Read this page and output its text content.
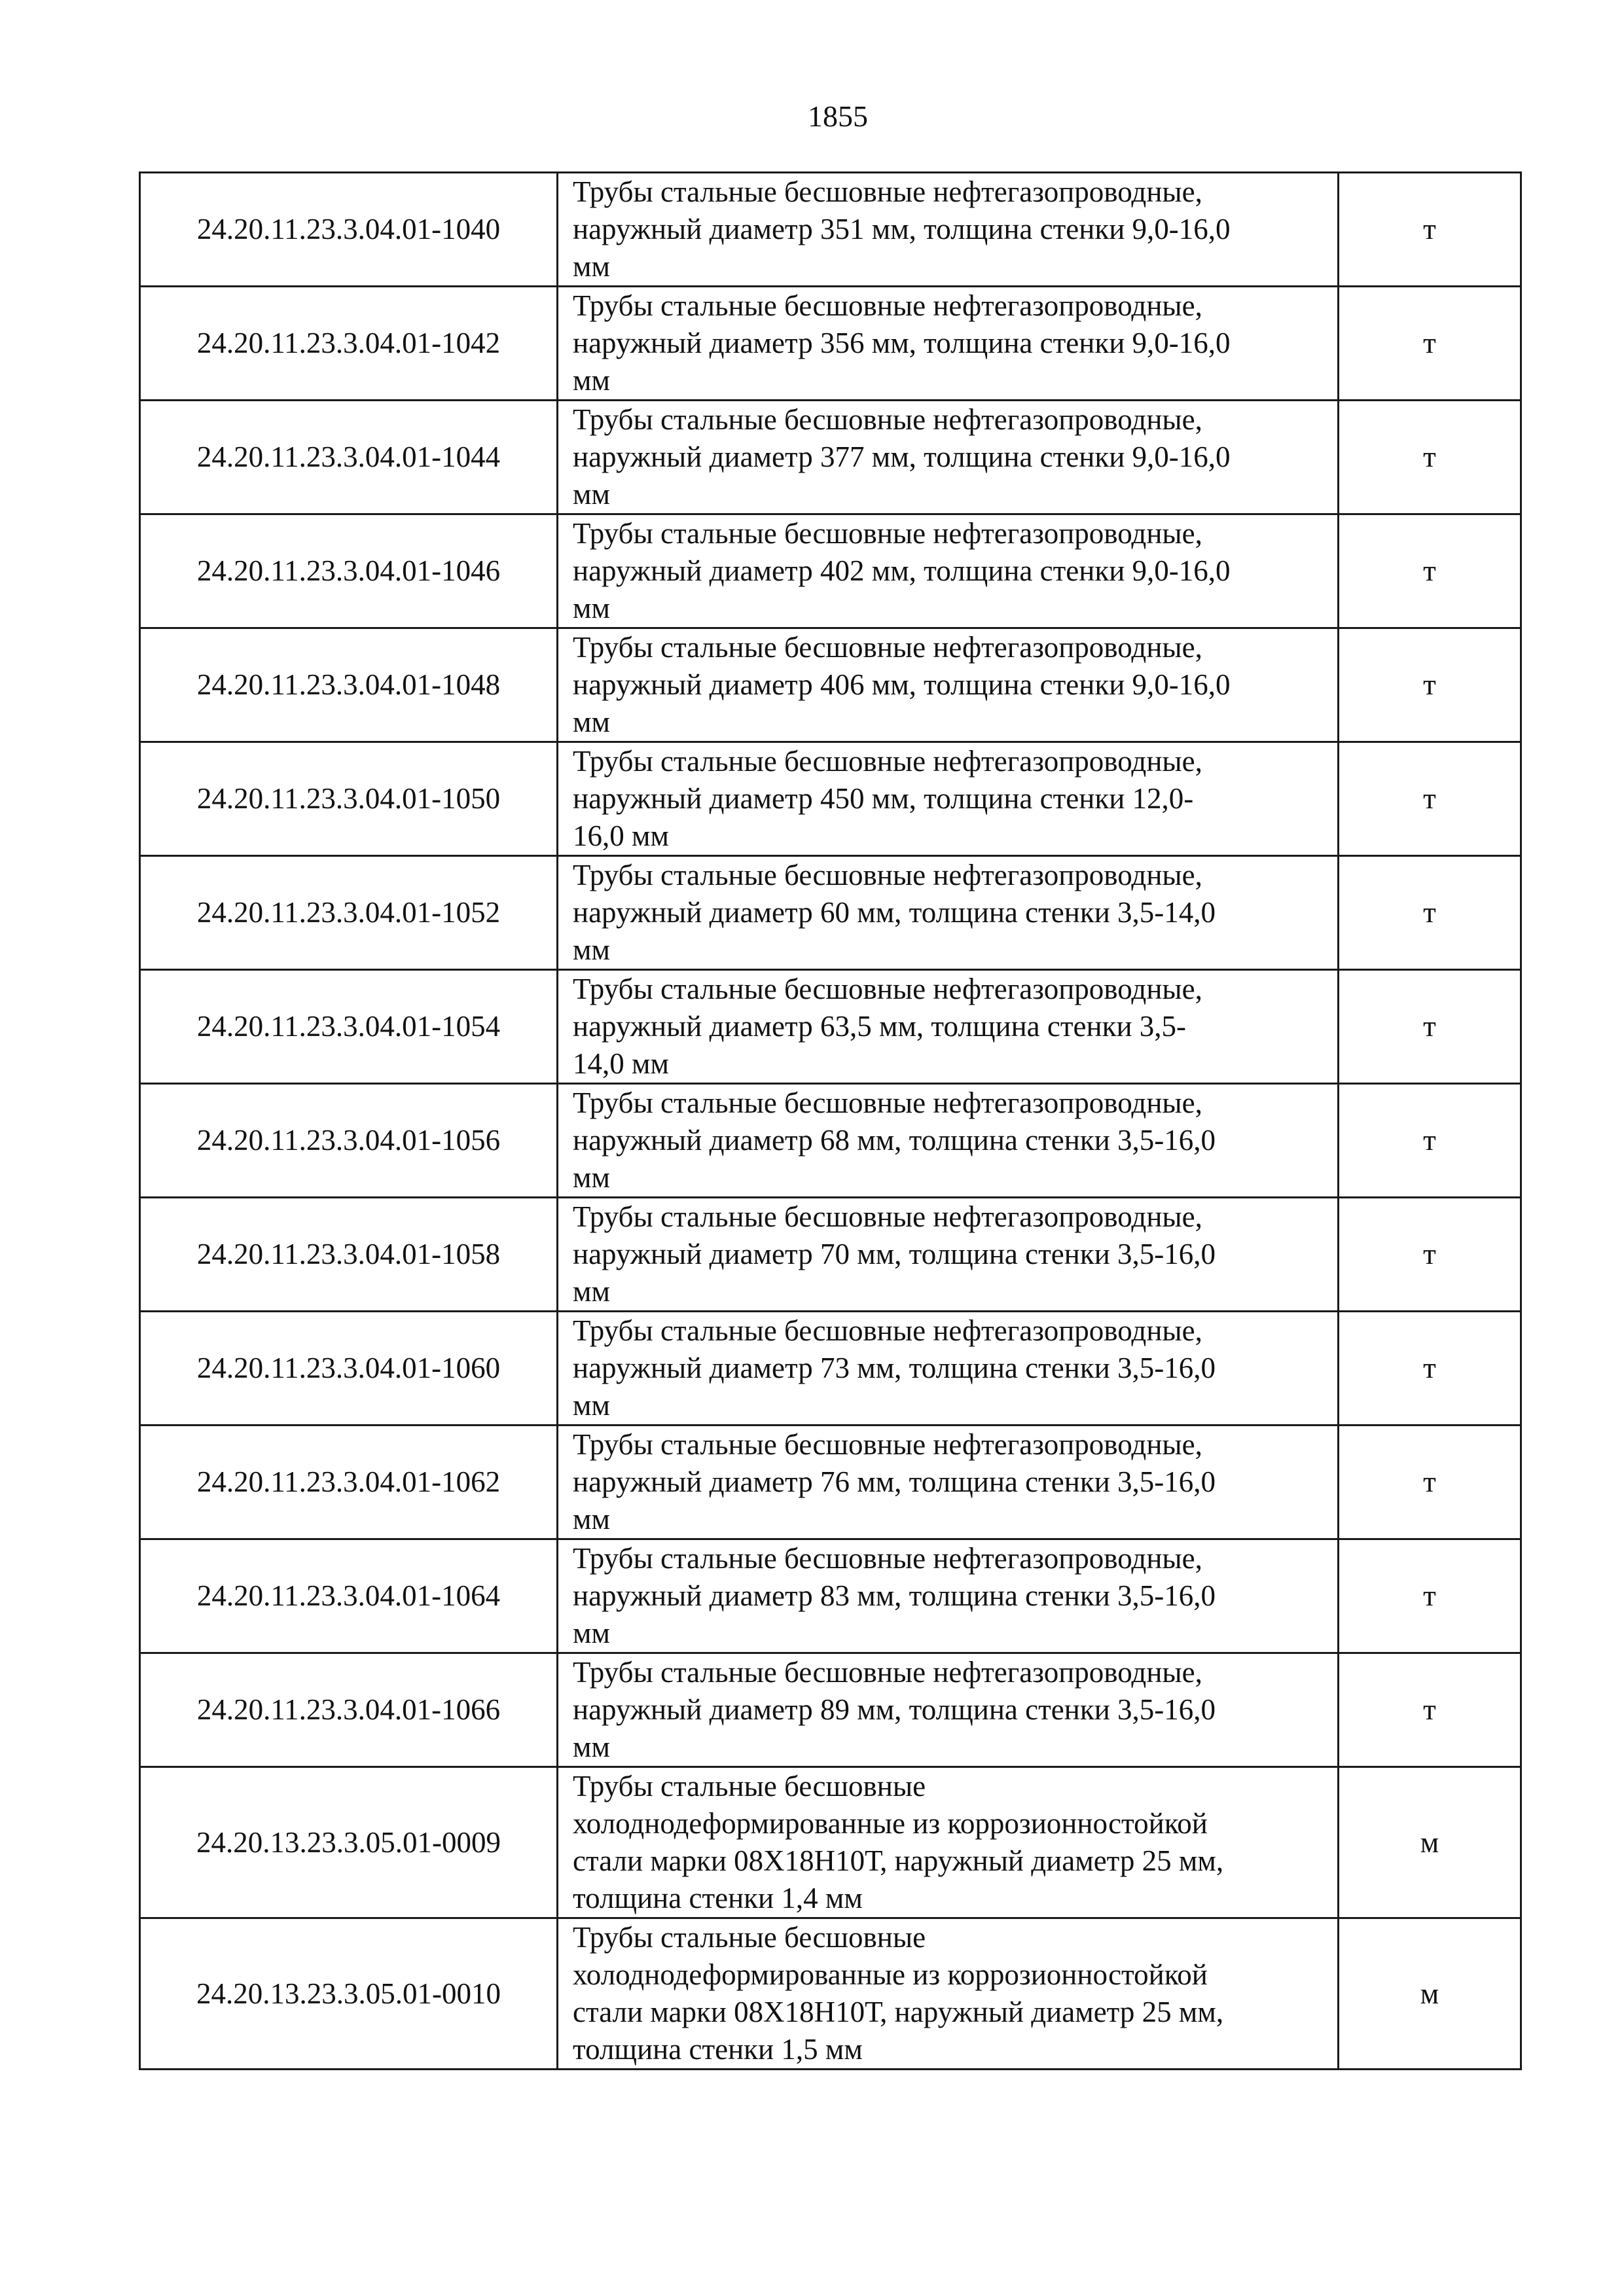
1855
24.20.11.23.3.04.01-1040	Трубы стальные бесшовные нефтегазопроводные,
наружный диаметр 351 мм, толщина стенки 9,0-16,0
мм	т
24.20.11.23.3.04.01-1042	Трубы стальные бесшовные нефтегазопроводные,
наружный диаметр 356 мм, толщина стенки 9,0-16,0
мм	т
24.20.11.23.3.04.01-1044	Трубы стальные бесшовные нефтегазопроводные,
наружный диаметр 377 мм, толщина стенки 9,0-16,0
мм	т
24.20.11.23.3.04.01-1046	Трубы стальные бесшовные нефтегазопроводные,
наружный диаметр 402 мм, толщина стенки 9,0-16,0
мм	т
24.20.11.23.3.04.01-1048	Трубы стальные бесшовные нефтегазопроводные,
наружный диаметр 406 мм, толщина стенки 9,0-16,0
мм	т
24.20.11.23.3.04.01-1050	Трубы стальные бесшовные нефтегазопроводные,
наружный диаметр 450 мм, толщина стенки 12,0-
16,0 мм	т
24.20.11.23.3.04.01-1052	Трубы стальные бесшовные нефтегазопроводные,
наружный диаметр 60 мм, толщина стенки 3,5-14,0
мм	т
24.20.11.23.3.04.01-1054	Трубы стальные бесшовные нефтегазопроводные,
наружный диаметр 63,5 мм, толщина стенки 3,5-
14,0 мм	т
24.20.11.23.3.04.01-1056	Трубы стальные бесшовные нефтегазопроводные,
наружный диаметр 68 мм, толщина стенки 3,5-16,0
мм	т
24.20.11.23.3.04.01-1058	Трубы стальные бесшовные нефтегазопроводные,
наружный диаметр 70 мм, толщина стенки 3,5-16,0
мм	т
24.20.11.23.3.04.01-1060	Трубы стальные бесшовные нефтегазопроводные,
наружный диаметр 73 мм, толщина стенки 3,5-16,0
мм	т
24.20.11.23.3.04.01-1062	Трубы стальные бесшовные нефтегазопроводные,
наружный диаметр 76 мм, толщина стенки 3,5-16,0
мм	т
24.20.11.23.3.04.01-1064	Трубы стальные бесшовные нефтегазопроводные,
наружный диаметр 83 мм, толщина стенки 3,5-16,0
мм	т
24.20.11.23.3.04.01-1066	Трубы стальные бесшовные нефтегазопроводные,
наружный диаметр 89 мм, толщина стенки 3,5-16,0
мм	т
24.20.13.23.3.05.01-0009	Трубы стальные бесшовные
холоднодеформированные из коррозионностойкой
стали марки 08Х18Н10Т, наружный диаметр 25 мм,
толщина стенки 1,4 мм	м
24.20.13.23.3.05.01-0010	Трубы стальные бесшовные
холоднодеформированные из коррозионностойкой
стали марки 08Х18Н10Т, наружный диаметр 25 мм,
толщина стенки 1,5 мм	м
